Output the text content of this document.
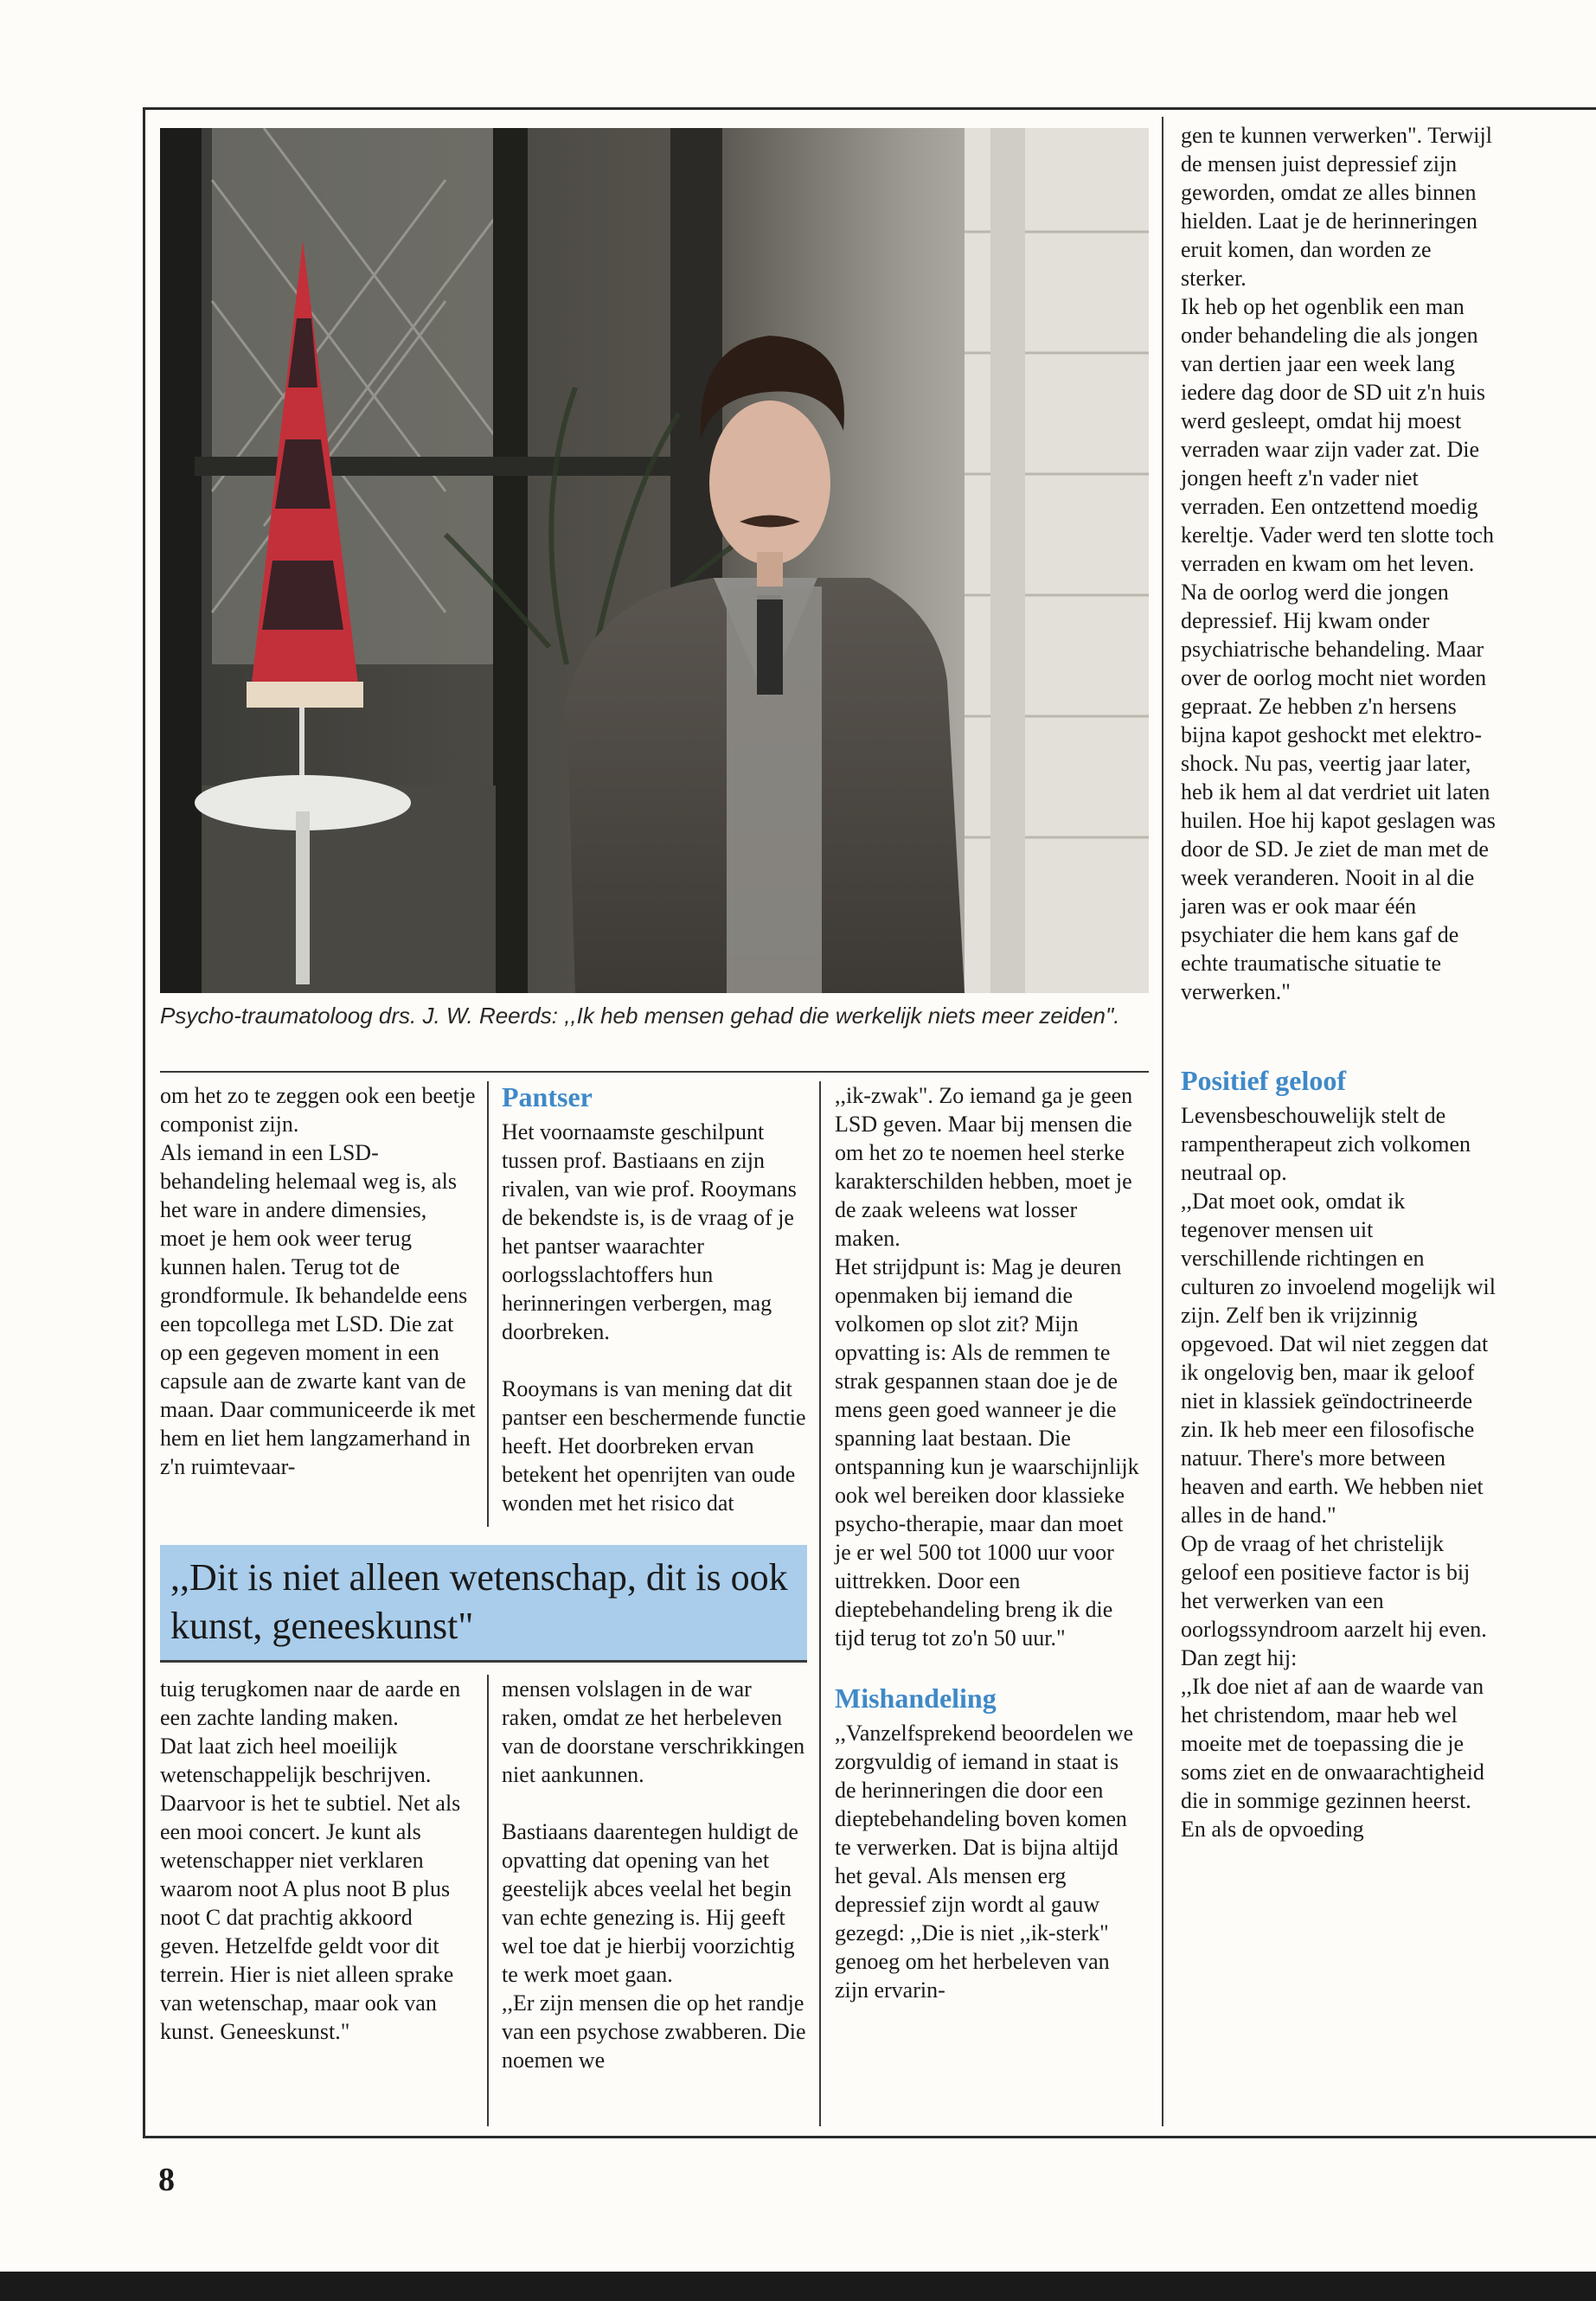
Psycho-traumatoloog drs. J. W. Reerds: ,,Ik heb mensen gehad die werkelijk niets meer zeiden".

om het zo te zeggen ook een beetje componist zijn.

Als iemand in een LSD-behandeling helemaal weg is, als het ware in andere dimensies, moet je hem ook weer terug kunnen halen. Terug tot de grondformule. Ik behandelde eens een topcollega met LSD. Die zat op een gegeven moment in een capsule aan de zwarte kant van de maan. Daar communiceerde ik met hem en liet hem langzamerhand in z'n ruimtevaar-

Pantser

Het voornaamste geschilpunt tussen prof. Bastiaans en zijn rivalen, van wie prof. Rooymans de bekendste is, is de vraag of je het pantser waarachter oorlogsslachtoffers hun herinneringen verbergen, mag doorbreken.

Rooymans is van mening dat dit pantser een beschermende functie heeft. Het doorbreken ervan betekent het openrijten van oude wonden met het risico dat

,,Dit is niet alleen wetenschap, dit is ook kunst, geneeskunst"

tuig terugkomen naar de aarde en een zachte landing maken.

Dat laat zich heel moeilijk wetenschappelijk beschrijven. Daarvoor is het te subtiel. Net als een mooi concert. Je kunt als wetenschapper niet verklaren waarom noot A plus noot B plus noot C dat prachtig akkoord geven. Hetzelfde geldt voor dit terrein. Hier is niet alleen sprake van wetenschap, maar ook van kunst. Geneeskunst."

mensen volslagen in de war raken, omdat ze het herbeleven van de doorstane verschrikkingen niet aankunnen.

Bastiaans daarentegen huldigt de opvatting dat opening van het geestelijk abces veelal het begin van echte genezing is. Hij geeft wel toe dat je hierbij voorzichtig te werk moet gaan.

,,Er zijn mensen die op het randje van een psychose zwabberen. Die noemen we

,,ik-zwak". Zo iemand ga je geen LSD geven. Maar bij mensen die om het zo te noemen heel sterke karakterschilden hebben, moet je de zaak weleens wat losser maken.

Het strijdpunt is: Mag je deuren openmaken bij iemand die volkomen op slot zit? Mijn opvatting is: Als de remmen te strak gespannen staan doe je de mens geen goed wanneer je die spanning laat bestaan. Die ontspanning kun je waarschijnlijk ook wel bereiken door klassieke psycho-therapie, maar dan moet je er wel 500 tot 1000 uur voor uittrekken. Door een dieptebehandeling breng ik die tijd terug tot zo'n 50 uur."

Mishandeling

,,Vanzelfsprekend beoordelen we zorgvuldig of iemand in staat is de herinneringen die door een dieptebehandeling boven komen te verwerken. Dat is bijna altijd het geval. Als mensen erg depressief zijn wordt al gauw gezegd: ,,Die is niet ,,ik-sterk" genoeg om het herbeleven van zijn ervarin-

gen te kunnen verwerken". Terwijl de mensen juist depressief zijn geworden, omdat ze alles binnen hielden. Laat je de herinneringen eruit komen, dan worden ze sterker.

Ik heb op het ogenblik een man onder behandeling die als jongen van dertien jaar een week lang iedere dag door de SD uit z'n huis werd gesleept, omdat hij moest verraden waar zijn vader zat. Die jongen heeft z'n vader niet verraden. Een ontzettend moedig kereltje. Vader werd ten slotte toch verraden en kwam om het leven.

Na de oorlog werd die jongen depressief. Hij kwam onder psychiatrische behandeling. Maar over de oorlog mocht niet worden gepraat. Ze hebben z'n hersens bijna kapot geshockt met elektro-shock. Nu pas, veertig jaar later, heb ik hem al dat verdriet uit laten huilen. Hoe hij kapot geslagen was door de SD. Je ziet de man met de week veranderen. Nooit in al die jaren was er ook maar één psychiater die hem kans gaf de echte traumatische situatie te verwerken."

Positief geloof

Levensbeschouwelijk stelt de rampentherapeut zich volkomen neutraal op.

,,Dat moet ook, omdat ik tegenover mensen uit verschillende richtingen en culturen zo invoelend mogelijk wil zijn. Zelf ben ik vrijzinnig opgevoed. Dat wil niet zeggen dat ik ongelovig ben, maar ik geloof niet in klassiek geïndoctrineerde zin. Ik heb meer een filosofische natuur. There's more between heaven and earth. We hebben niet alles in de hand."

Op de vraag of het christelijk geloof een positieve factor is bij het verwerken van een oorlogssyndroom aarzelt hij even. Dan zegt hij:

,,Ik doe niet af aan de waarde van het christendom, maar heb wel moeite met de toepassing die je soms ziet en de onwaarachtigheid die in sommige gezinnen heerst. En als de opvoeding

8
